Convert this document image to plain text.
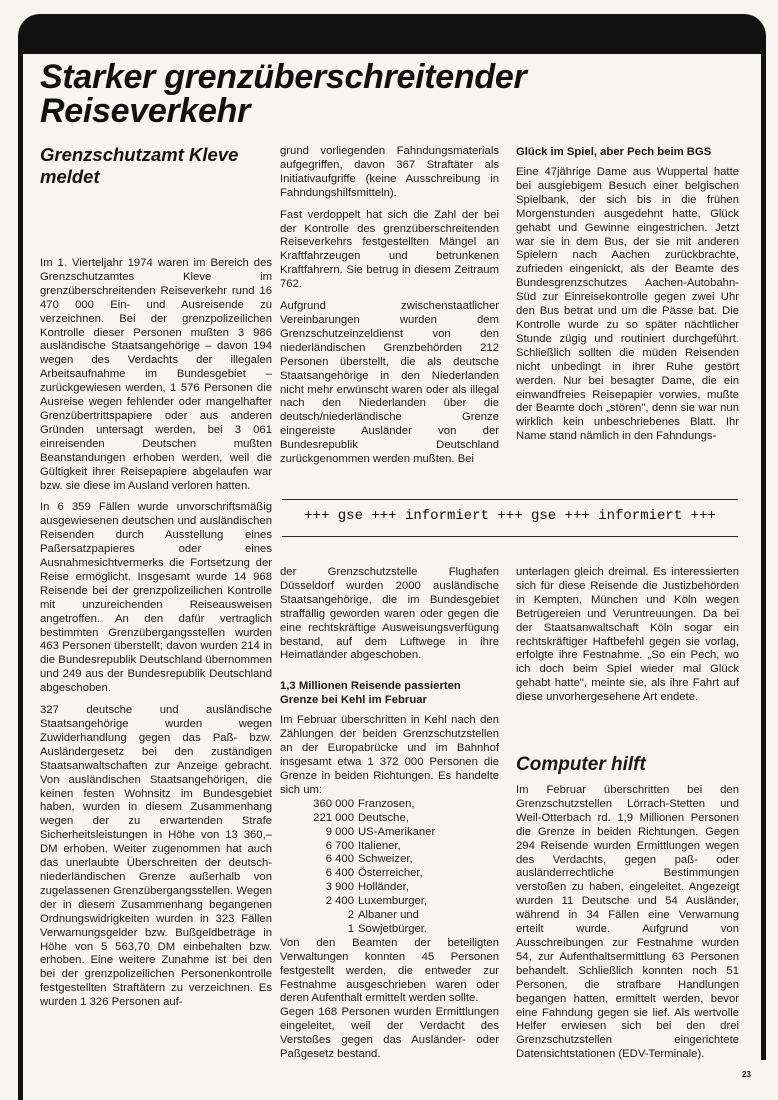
Starker grenzüberschreitender Reiseverkehr
Grenzschutzamt Kleve meldet

Im 1. Vierteljahr 1974 waren im Bereich des Grenzschutzamtes Kleve im grenzüberschreitenden Reiseverkehr rund 16 470 000 Ein- und Ausreisende zu verzeichnen. Bei der grenzpolizeilichen Kontrolle dieser Personen mußten 3 986 ausländische Staatsangehörige – davon 194 wegen des Verdachts der illegalen Arbeitsaufnahme im Bundesgebiet – zurückgewiesen werden, 1 576 Personen die Ausreise wegen fehlender oder mangelhafter Grenzübertrittspapiere oder aus anderen Gründen untersagt werden, bei 3 061 einreisenden Deutschen mußten Beanstandungen erhoben werden, weil die Gültigkeit ihrer Reisepapiere abgelaufen war bzw. sie diese im Ausland verloren hatten.

In 6 359 Fällen wurde unvorschriftsmäßig ausgewiesenen deutschen und ausländischen Reisenden durch Ausstellung eines Paßersatzpapieres oder eines Ausnahmesichtvermerks die Fortsetzung der Reise ermöglicht. Insgesamt wurde 14 968 Reisende bei der grenzpolizeilichen Kontrolle mit unzureichenden Reiseausweisen angetroffen. An den dafür vertraglich bestimmten Grenzübergangsstellen wurden 463 Personen überstellt; davon wurden 214 in die Bundesrepublik Deutschland übernommen und 249 aus der Bundesrepublik Deutschland abgeschoben.

327 deutsche und ausländische Staatsangehörige wurden wegen Zuwiderhandlung gegen das Paß- bzw. Ausländergesetz bei den zuständigen Staatsanwaltschaften zur Anzeige gebracht. Von ausländischen Staatsangehörigen, die keinen festen Wohnsitz im Bundesgebiet haben, wurden in diesem Zusammenhang wegen der zu erwartenden Strafe Sicherheitsleistungen in Höhe von 13 360,– DM erhoben. Weiter zugenommen hat auch das unerlaubte Überschreiten der deutsch-niederländischen Grenze außerhalb von zugelassenen Grenzübergangsstellen. Wegen der in diesem Zusammenhang begangenen Ordnungswidrigkeiten wurden in 323 Fällen Verwarnungsgelder bzw. Bußgeldbeträge in Höhe von 5 563,70 DM einbehalten bzw. erhoben. Eine weitere Zunahme ist bei den bei der grenzpolizeilichen Personenkontrolle festgestellten Straftätern zu verzeichnen. Es wurden 1 326 Personen auf-

grund vorliegenden Fahndungsmaterials aufgegriffen, davon 367 Straftäter als Initiativaufgriffe (keine Ausschreibung in Fahndungshilfsmitteln).

Fast verdoppelt hat sich die Zahl der bei der Kontrolle des grenzüberschreitenden Reiseverkehrs festgestellten Mängel an Kraftfahrzeugen und betrunkenen Kraftfahrern. Sie betrug in diesem Zeitraum 762.

Aufgrund zwischenstaatlicher Vereinbarungen wurden dem Grenzschutzeinzeldienst von den niederländischen Grenzbehörden 212 Personen überstellt, die als deutsche Staatsangehörige in den Niederlanden nicht mehr erwünscht waren oder als illegal nach den Niederlanden über die deutsch/niederländische Grenze eingereiste Ausländer von der Bundesrepublik Deutschland zurückgenommen werden mußten. Bei

Glück im Spiel, aber Pech beim BGS

Eine 47jährige Dame aus Wuppertal hatte bei ausgiebigem Besuch einer belgischen Spielbank, der sich bis in die frühen Morgenstunden ausgedehnt hatte, Glück gehabt und Gewinne eingestrichen. Jetzt war sie in dem Bus, der sie mit anderen Spielern nach Aachen zurückbrachte, zufrieden eingenickt, als der Beamte des Bundesgrenzschutzes Aachen-Autobahn-Süd zur Einreisekontrolle gegen zwei Uhr den Bus betrat und um die Pässe bat. Die Kontrolle wurde zu so später nächtlicher Stunde zügig und routiniert durchgeführt. Schließlich sollten die müden Reisenden nicht unbedingt in ihrer Ruhe gestört werden. Nur bei besagter Dame, die ein einwandfreies Reisepapier vorwies, mußte der Beamte doch „stören", denn sie war nun wirklich kein unbeschriebenes Blatt. Ihr Name stand nämlich in den Fahndungs-

+++ gse +++ informiert +++ gse +++ informiert +++

der Grenzschutzstelle Flughafen Düsseldorf wurden 2000 ausländische Staatsangehörige, die im Bundesgebiet straffällig geworden waren oder gegen die eine rechtskräftige Ausweisungsverfügung bestand, auf dem Luftwege in ihre Heimatländer abgeschoben.

1,3 Millionen Reisende passierten Grenze bei Kehl im Februar

Im Februar überschritten in Kehl nach den Zählungen der beiden Grenzschutzstellen an der Europabrücke und im Bahnhof insgesamt etwa 1 372 000 Personen die Grenze in beiden Richtungen. Es handelte sich um:

360 000 Franzosen,
221 000 Deutsche,
9 000 US-Amerikaner
6 700 Italiener,
6 400 Schweizer,
6 400 Österreicher,
3 900 Holländer,
2 400 Luxemburger,
2 Albaner und
1 Sowjetbürger.

Von den Beamten der beteiligten Verwaltungen konnten 45 Personen festgestellt werden, die entweder zur Festnahme ausgeschrieben waren oder deren Aufenthalt ermittelt werden sollte.

Gegen 168 Personen wurden Ermittlungen eingeleitet, weil der Verdacht des Verstoßes gegen das Ausländer- oder Paßgesetz bestand.

unterlagen gleich dreimal. Es interessierten sich für diese Reisende die Justizbehörden in Kempten, München und Köln wegen Betrügereien und Veruntreuungen. Da bei der Staatsanwaltschaft Köln sogar ein rechtskräftiger Haftbefehl gegen sie vorlag, erfolgte ihre Festnahme. „So ein Pech, wo ich doch beim Spiel wieder mal Glück gehabt hatte", meinte sie, als ihre Fahrt auf diese unvorhergesehene Art endete.

Computer hilft

Im Februar überschritten bei den Grenzschutzstellen Lörrach-Stetten und Weil-Otterbach rd. 1,9 Millionen Personen die Grenze in beiden Richtungen. Gegen 294 Reisende wurden Ermittlungen wegen des Verdachts, gegen paß- oder ausländerrechtliche Bestimmungen verstoßen zu haben, eingeleitet. Angezeigt wurden 11 Deutsche und 54 Ausländer, während in 34 Fällen eine Verwarnung erteilt wurde. Aufgrund von Ausschreibungen zur Festnahme wurden 54, zur Aufenthaltsermittlung 63 Personen behandelt. Schließlich konnten noch 51 Personen, die strafbare Handlungen begangen hatten, ermittelt werden, bevor eine Fahndung gegen sie lief. Als wertvolle Helfer erwiesen sich bei den drei Grenzschutzstellen eingerichtete Datensichtstationen (EDV-Terminale).

23
